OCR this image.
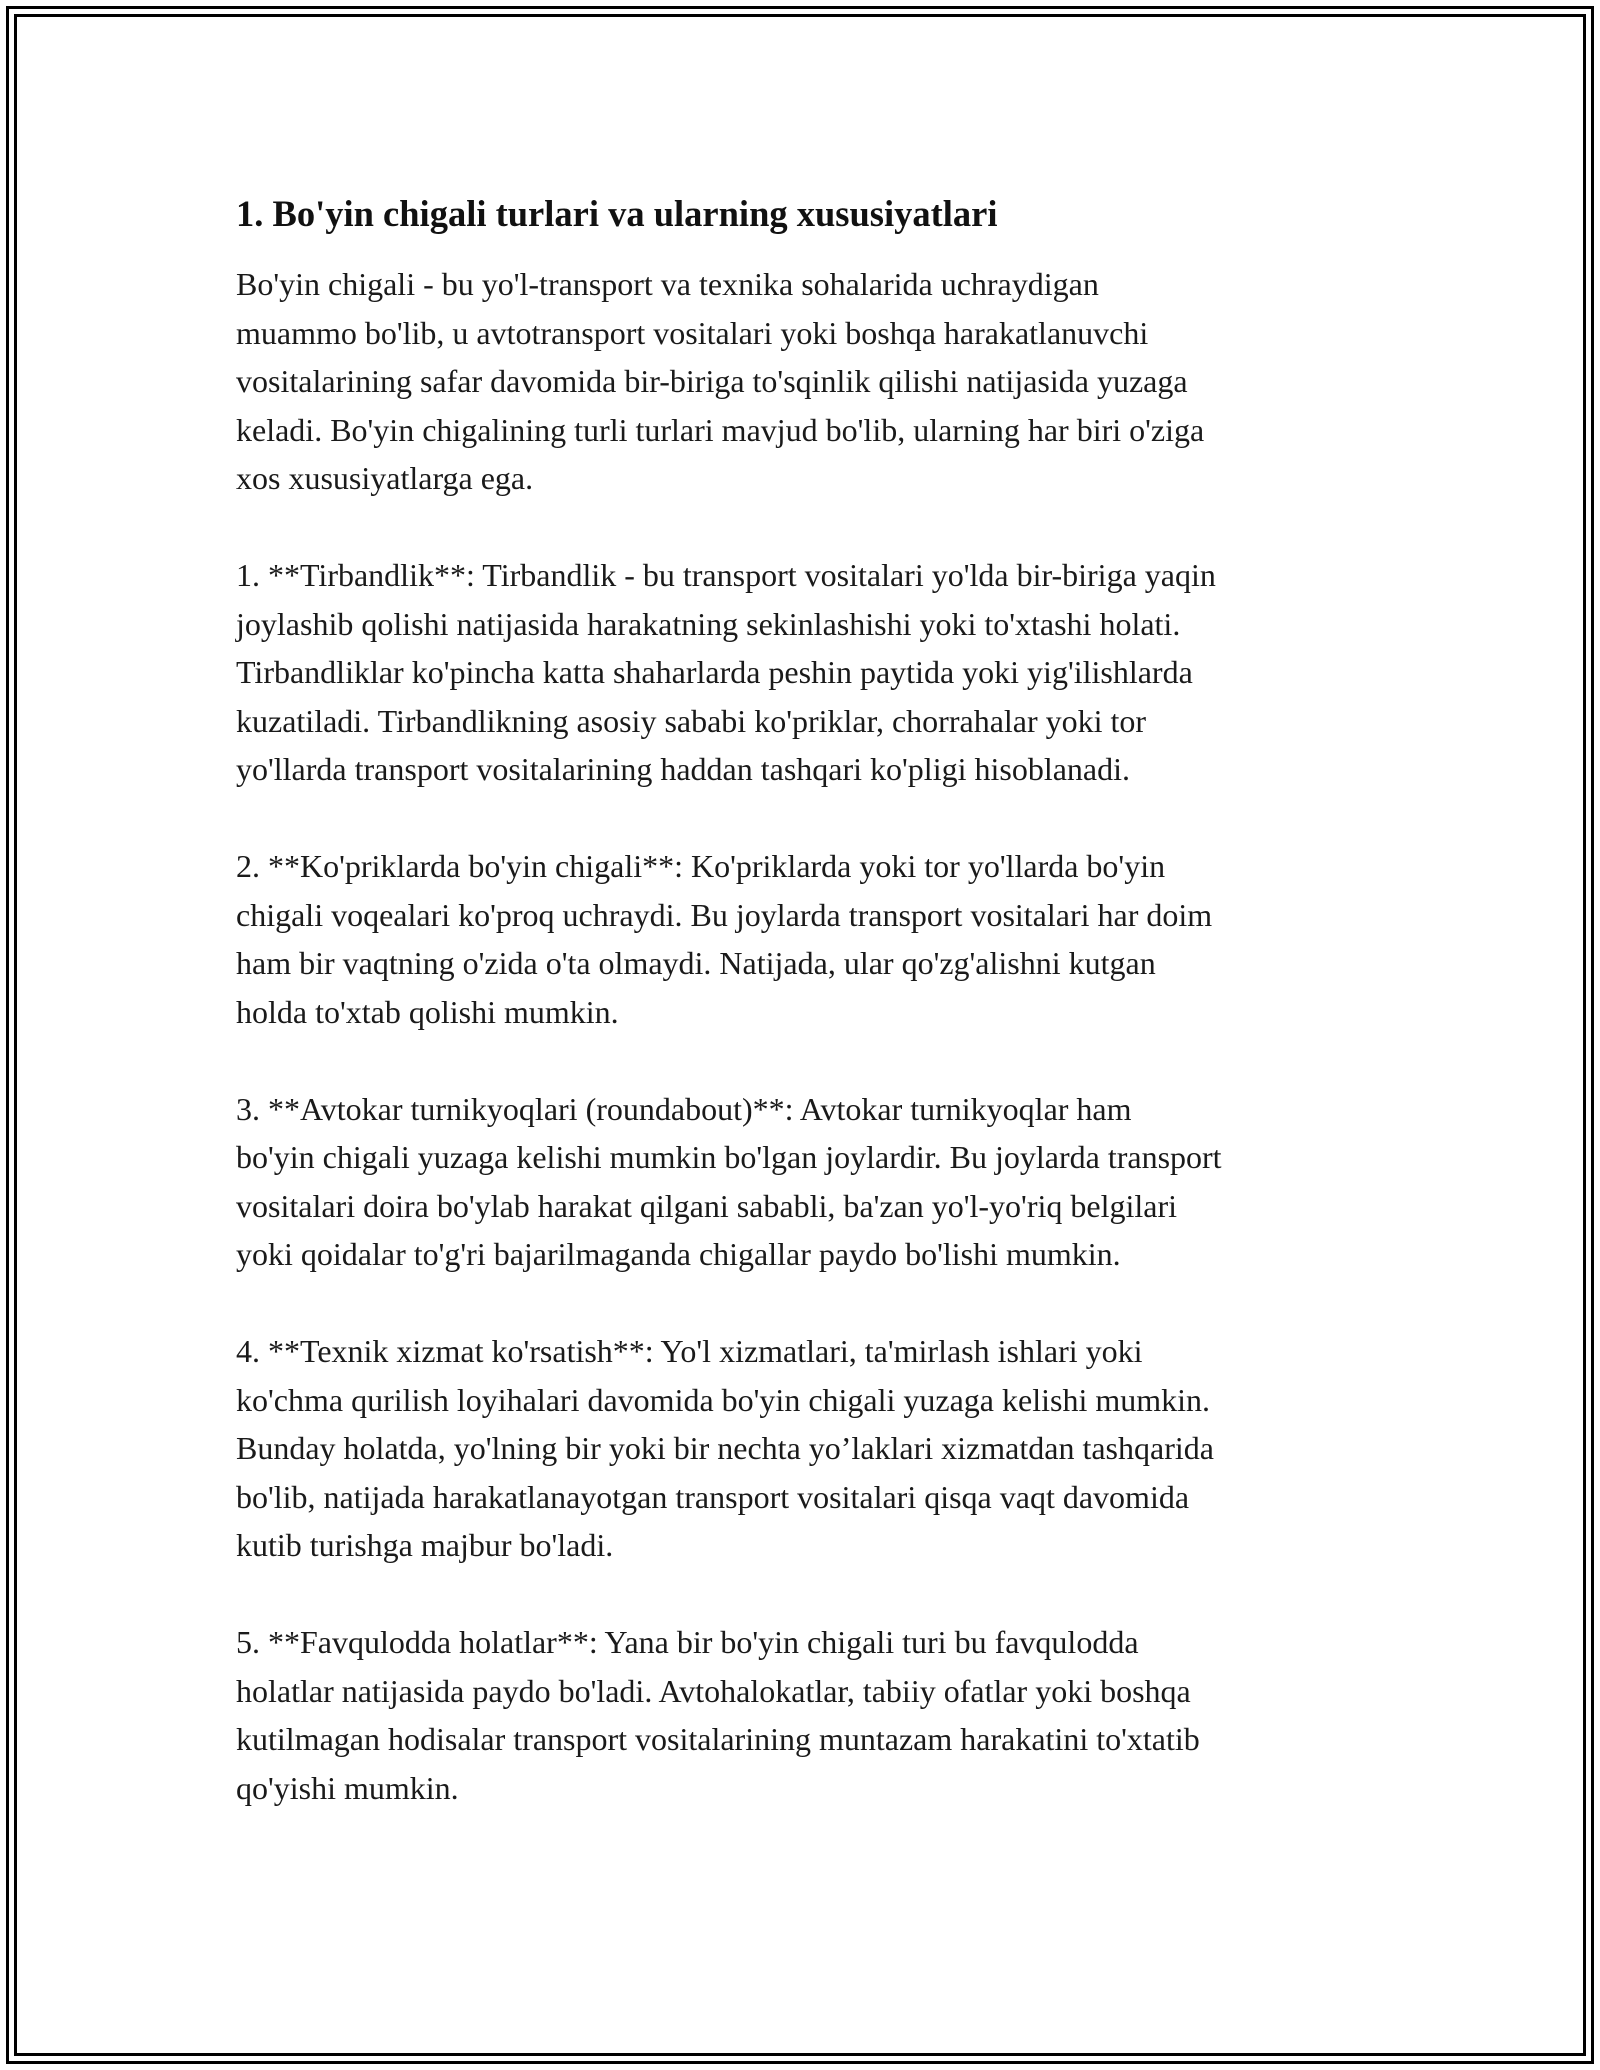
1. Bo'yin chigali turlari va ularning xususiyatlari

Bo'yin chigali - bu yo'l-transport va texnika sohalarida uchraydigan
muammo bo'lib, u avtotransport vositalari yoki boshqa harakatlanuvchi
vositalarining safar davomida bir-biriga to'sqinlik qilishi natijasida yuzaga
keladi. Bo'yin chigalining turli turlari mavjud bo'lib, ularning har biri o'ziga
xos xususiyatlarga ega.

1. **Tirbandlik**: Tirbandlik - bu transport vositalari yo'lda bir-biriga yaqin
joylashib qolishi natijasida harakatning sekinlashishi yoki to'xtashi holati.
Tirbandliklar ko'pincha katta shaharlarda peshin paytida yoki yig'ilishlarda
kuzatiladi. Tirbandlikning asosiy sababi ko'priklar, chorrahalar yoki tor
yo'llarda transport vositalarining haddan tashqari ko'pligi hisoblanadi.

2. **Ko'priklarda bo'yin chigali**: Ko'priklarda yoki tor yo'llarda bo'yin
chigali voqealari ko'proq uchraydi. Bu joylarda transport vositalari har doim
ham bir vaqtning o'zida o'ta olmaydi. Natijada, ular qo'zg'alishni kutgan
holda to'xtab qolishi mumkin.

3. **Avtokar turnikyoqlari (roundabout)**: Avtokar turnikyoqlar ham
bo'yin chigali yuzaga kelishi mumkin bo'lgan joylardir. Bu joylarda transport
vositalari doira bo'ylab harakat qilgani sababli, ba'zan yo'l-yo'riq belgilari
yoki qoidalar to'g'ri bajarilmaganda chigallar paydo bo'lishi mumkin.

4. **Texnik xizmat ko'rsatish**: Yo'l xizmatlari, ta'mirlash ishlari yoki
ko'chma qurilish loyihalari davomida bo'yin chigali yuzaga kelishi mumkin.
Bunday holatda, yo'lning bir yoki bir nechta yo’laklari xizmatdan tashqarida
bo'lib, natijada harakatlanayotgan transport vositalari qisqa vaqt davomida
kutib turishga majbur bo'ladi.

5. **Favqulodda holatlar**: Yana bir bo'yin chigali turi bu favqulodda
holatlar natijasida paydo bo'ladi. Avtohalokatlar, tabiiy ofatlar yoki boshqa
kutilmagan hodisalar transport vositalarining muntazam harakatini to'xtatib
qo'yishi mumkin.
